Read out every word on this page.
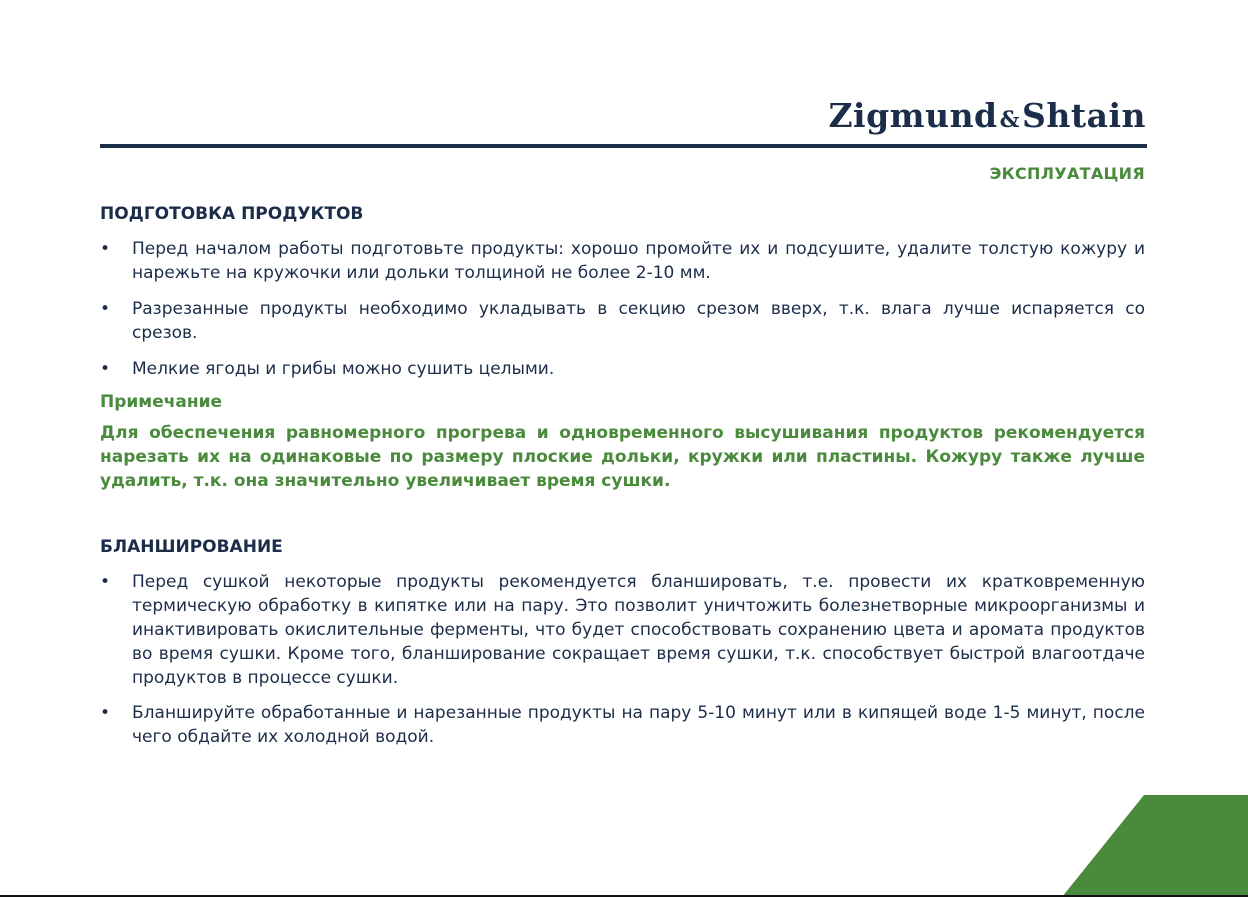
Zigmund&Shtain
ЭКСПЛУАТАЦИЯ
ПОДГОТОВКА ПРОДУКТОВ
• Перед началом работы подготовьте продукты: хорошо промойте их и подсушите, удалите толстую кожуру и нарежьте на кружочки или дольки толщиной не более 2-10 мм.
• Разрезанные продукты необходимо укладывать в секцию срезом вверх, т.к. влага лучше испаряется со срезов.
• Мелкие ягоды и грибы можно сушить целыми.
Примечание
Для обеспечения равномерного прогрева и одновременного высушивания продуктов рекомендуется нарезать их на одинаковые по размеру плоские дольки, кружки или пластины. Кожуру также лучше удалить, т.к. она значительно увеличивает время сушки.
БЛАНШИРОВАНИЕ
• Перед сушкой некоторые продукты рекомендуется бланшировать, т.е. провести их кратковременную термическую обработку в кипятке или на пару. Это позволит уничтожить болезнетворные микроорганизмы и инактивировать окислительные ферменты, что будет способствовать сохранению цвета и аромата продуктов во время сушки. Кроме того, бланширование сокращает время сушки, т.к. способствует быстрой влагоотдаче продуктов в процессе сушки.
• Бланшируйте обработанные и нарезанные продукты на пару 5-10 минут или в кипящей воде 1-5 минут, после чего обдайте их холодной водой.
